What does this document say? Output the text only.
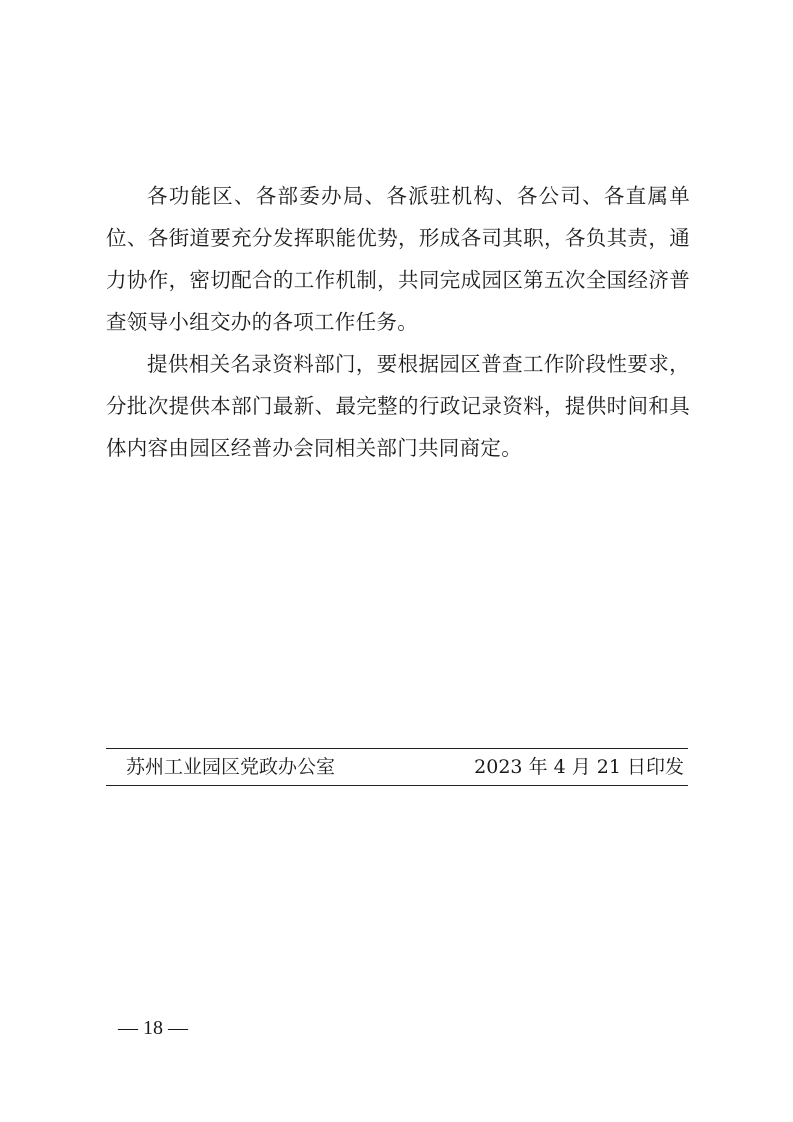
各功能区、各部委办局、各派驻机构、各公司、各直属单位、各街道要充分发挥职能优势，形成各司其职，各负其责，通力协作，密切配合的工作机制，共同完成园区第五次全国经济普查领导小组交办的各项工作任务。

提供相关名录资料部门，要根据园区普查工作阶段性要求，分批次提供本部门最新、最完整的行政记录资料，提供时间和具体内容由园区经普办会同相关部门共同商定。

苏州工业园区党政办公室	2023 年 4 月 21 日印发
— 18 —
